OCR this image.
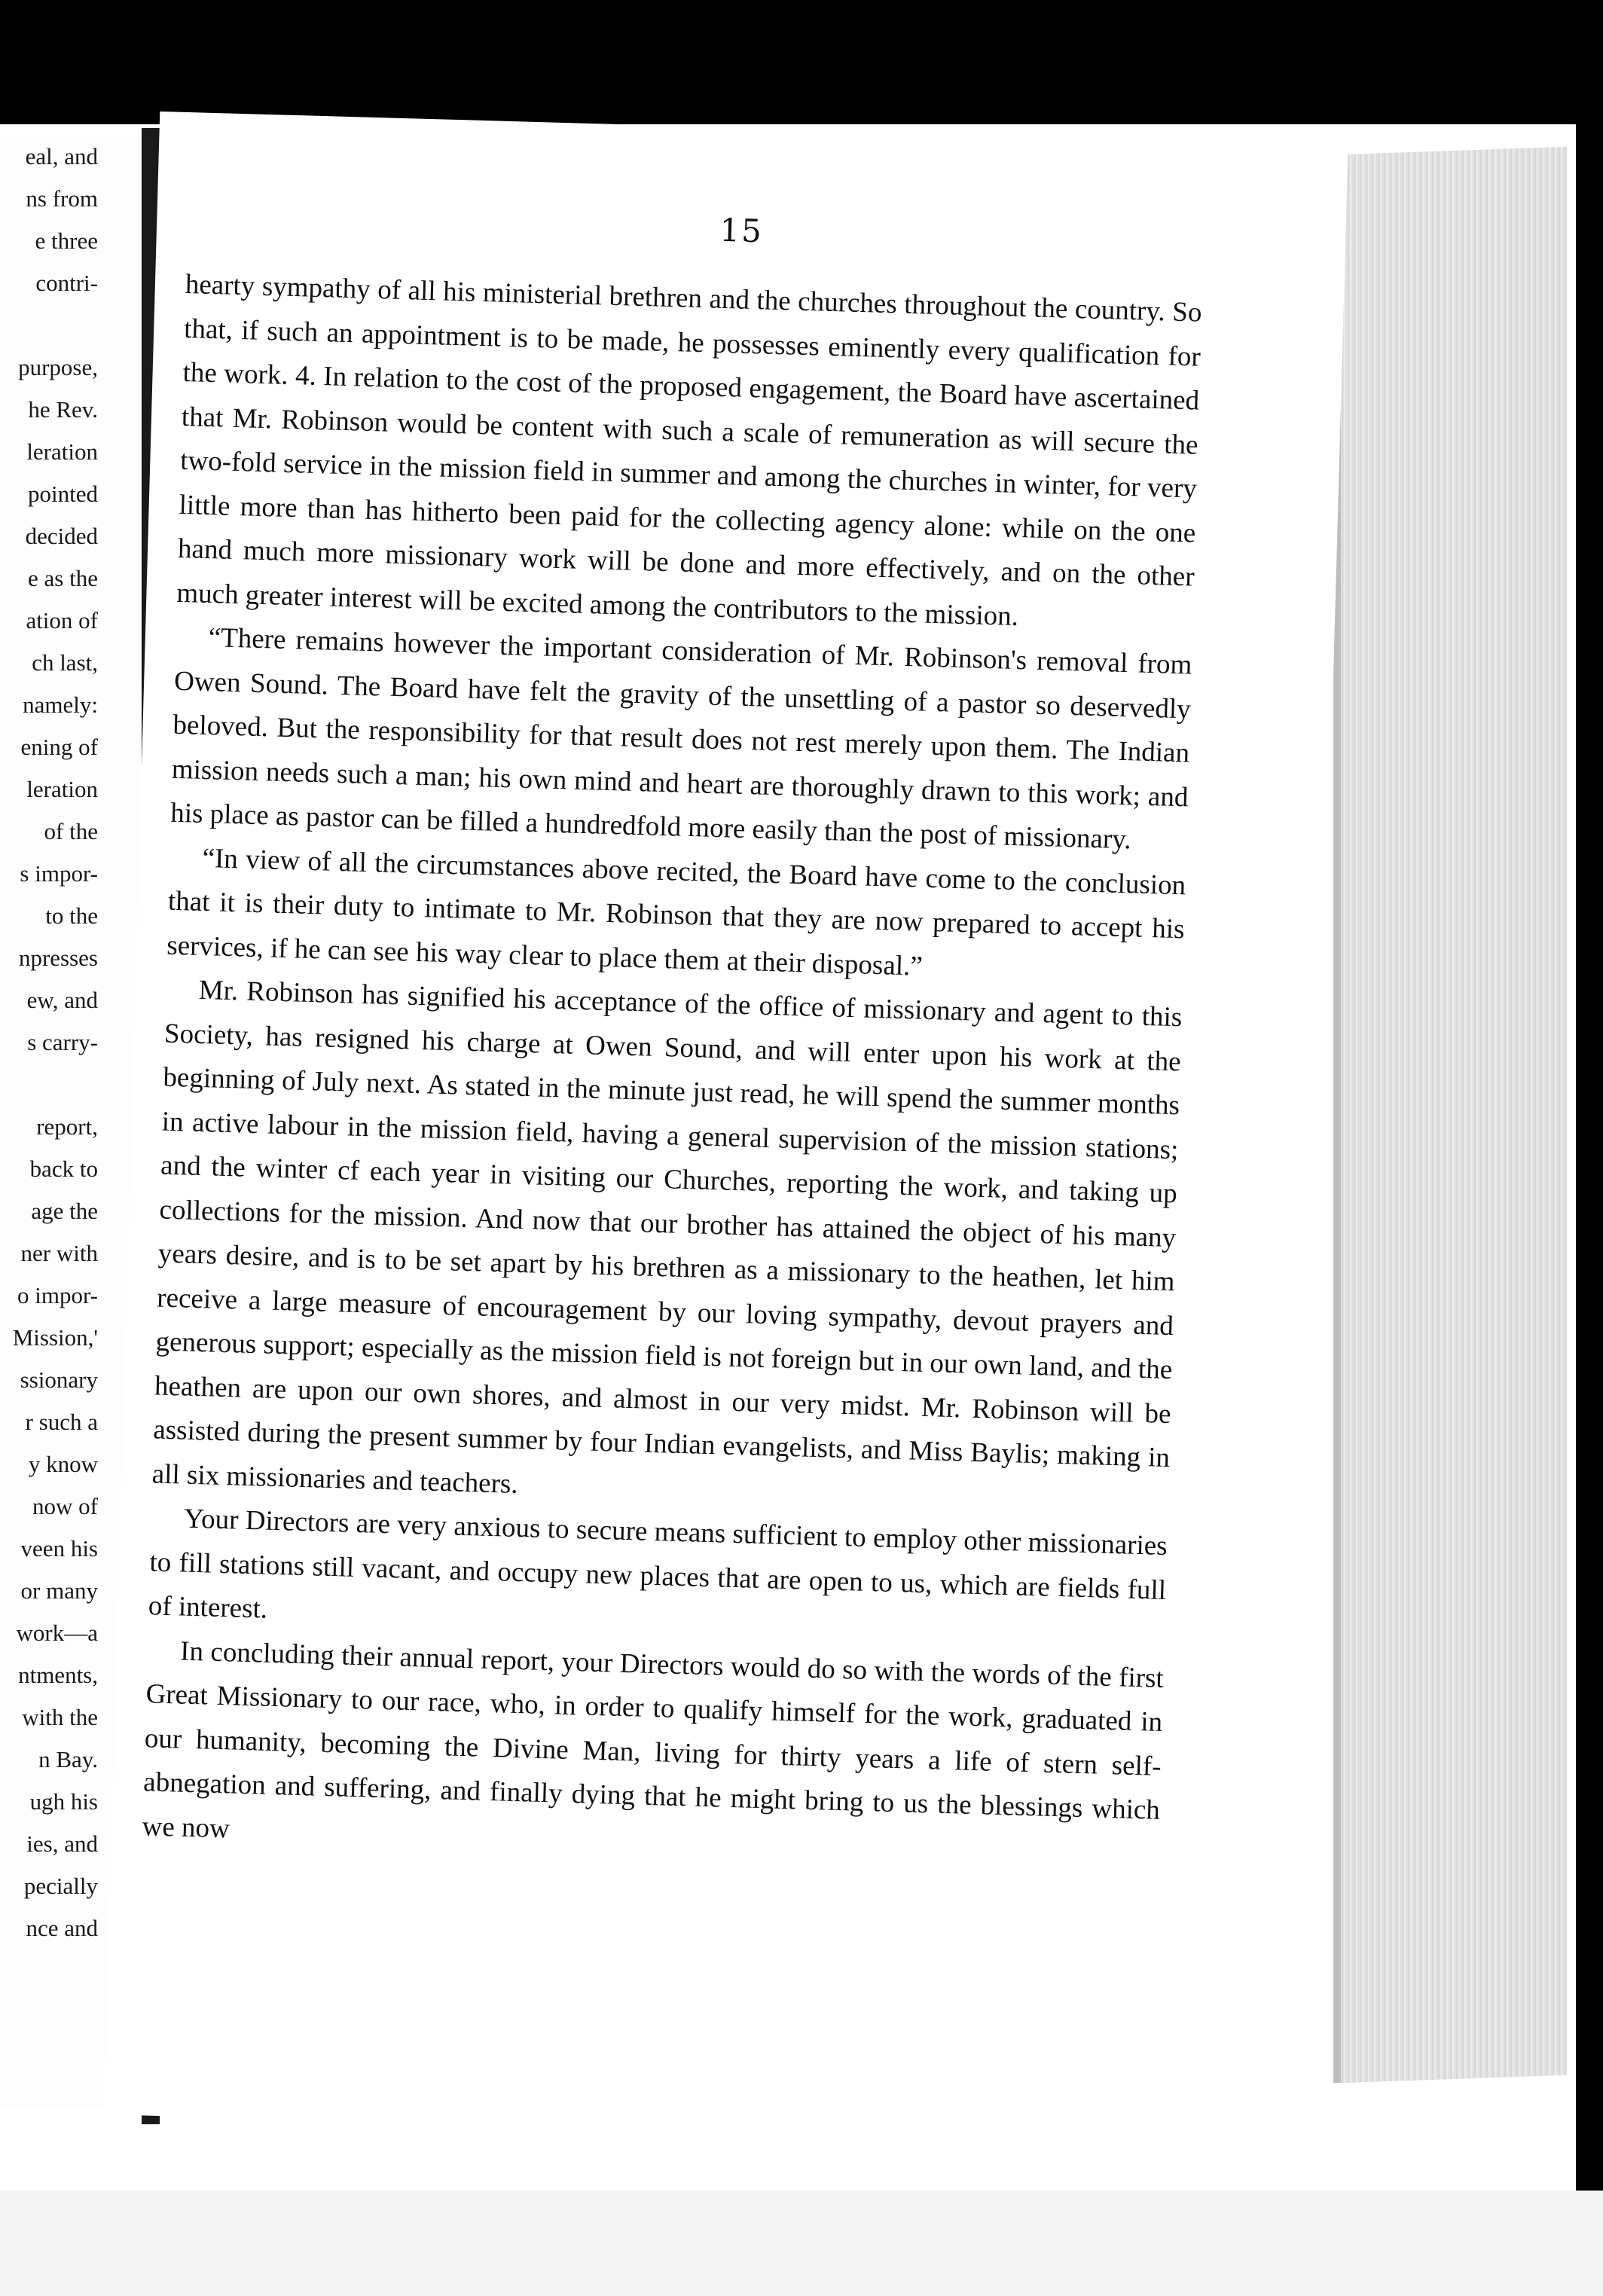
eal, and
ns from
e three
contri-
purpose,
he Rev.
leration
pointed
decided
e as the
ation of
ch last,
namely:
ening of
leration
of the
s impor-
to the
npresses
ew, and
s carry-
report,
back to
age the
ner with
o impor-
Mission,'
ssionary
r such a
y know
now of
veen his
or many
work—a
ntments,
with the
n Bay.
ugh his
ies, and
pecially
nce and
15

hearty sympathy of all his ministerial brethren and the churches throughout the country. So that, if such an appointment is to be made, he possesses eminently every qualification for the work. 4. In relation to the cost of the proposed engagement, the Board have ascertained that Mr. Robinson would be content with such a scale of remuneration as will secure the two-fold service in the mission field in summer and among the churches in winter, for very little more than has hitherto been paid for the collecting agency alone: while on the one hand much more missionary work will be done and more effectively, and on the other much greater interest will be excited among the contributors to the mission.

“There remains however the important consideration of Mr. Robinson's removal from Owen Sound. The Board have felt the gravity of the unsettling of a pastor so deservedly beloved. But the responsibility for that result does not rest merely upon them. The Indian mission needs such a man; his own mind and heart are thoroughly drawn to this work; and his place as pastor can be filled a hundredfold more easily than the post of missionary.

“In view of all the circumstances above recited, the Board have come to the conclusion that it is their duty to intimate to Mr. Robinson that they are now prepared to accept his services, if he can see his way clear to place them at their disposal.”

Mr. Robinson has signified his acceptance of the office of missionary and agent to this Society, has resigned his charge at Owen Sound, and will enter upon his work at the beginning of July next. As stated in the minute just read, he will spend the summer months in active labour in the mission field, having a general supervision of the mission stations; and the winter cf each year in visiting our Churches, reporting the work, and taking up collections for the mission. And now that our brother has attained the object of his many years desire, and is to be set apart by his brethren as a missionary to the heathen, let him receive a large measure of encouragement by our loving sympathy, devout prayers and generous support; especially as the mission field is not foreign but in our own land, and the heathen are upon our own shores, and almost in our very midst. Mr. Robinson will be assisted during the present summer by four Indian evangelists, and Miss Baylis; making in all six missionaries and teachers.

Your Directors are very anxious to secure means sufficient to employ other missionaries to fill stations still vacant, and occupy new places that are open to us, which are fields full of interest.

In concluding their annual report, your Directors would do so with the words of the first Great Missionary to our race, who, in order to qualify himself for the work, graduated in our humanity, becoming the Divine Man, living for thirty years a life of stern self-abnegation and suffering, and finally dying that he might bring to us the blessings which we now
